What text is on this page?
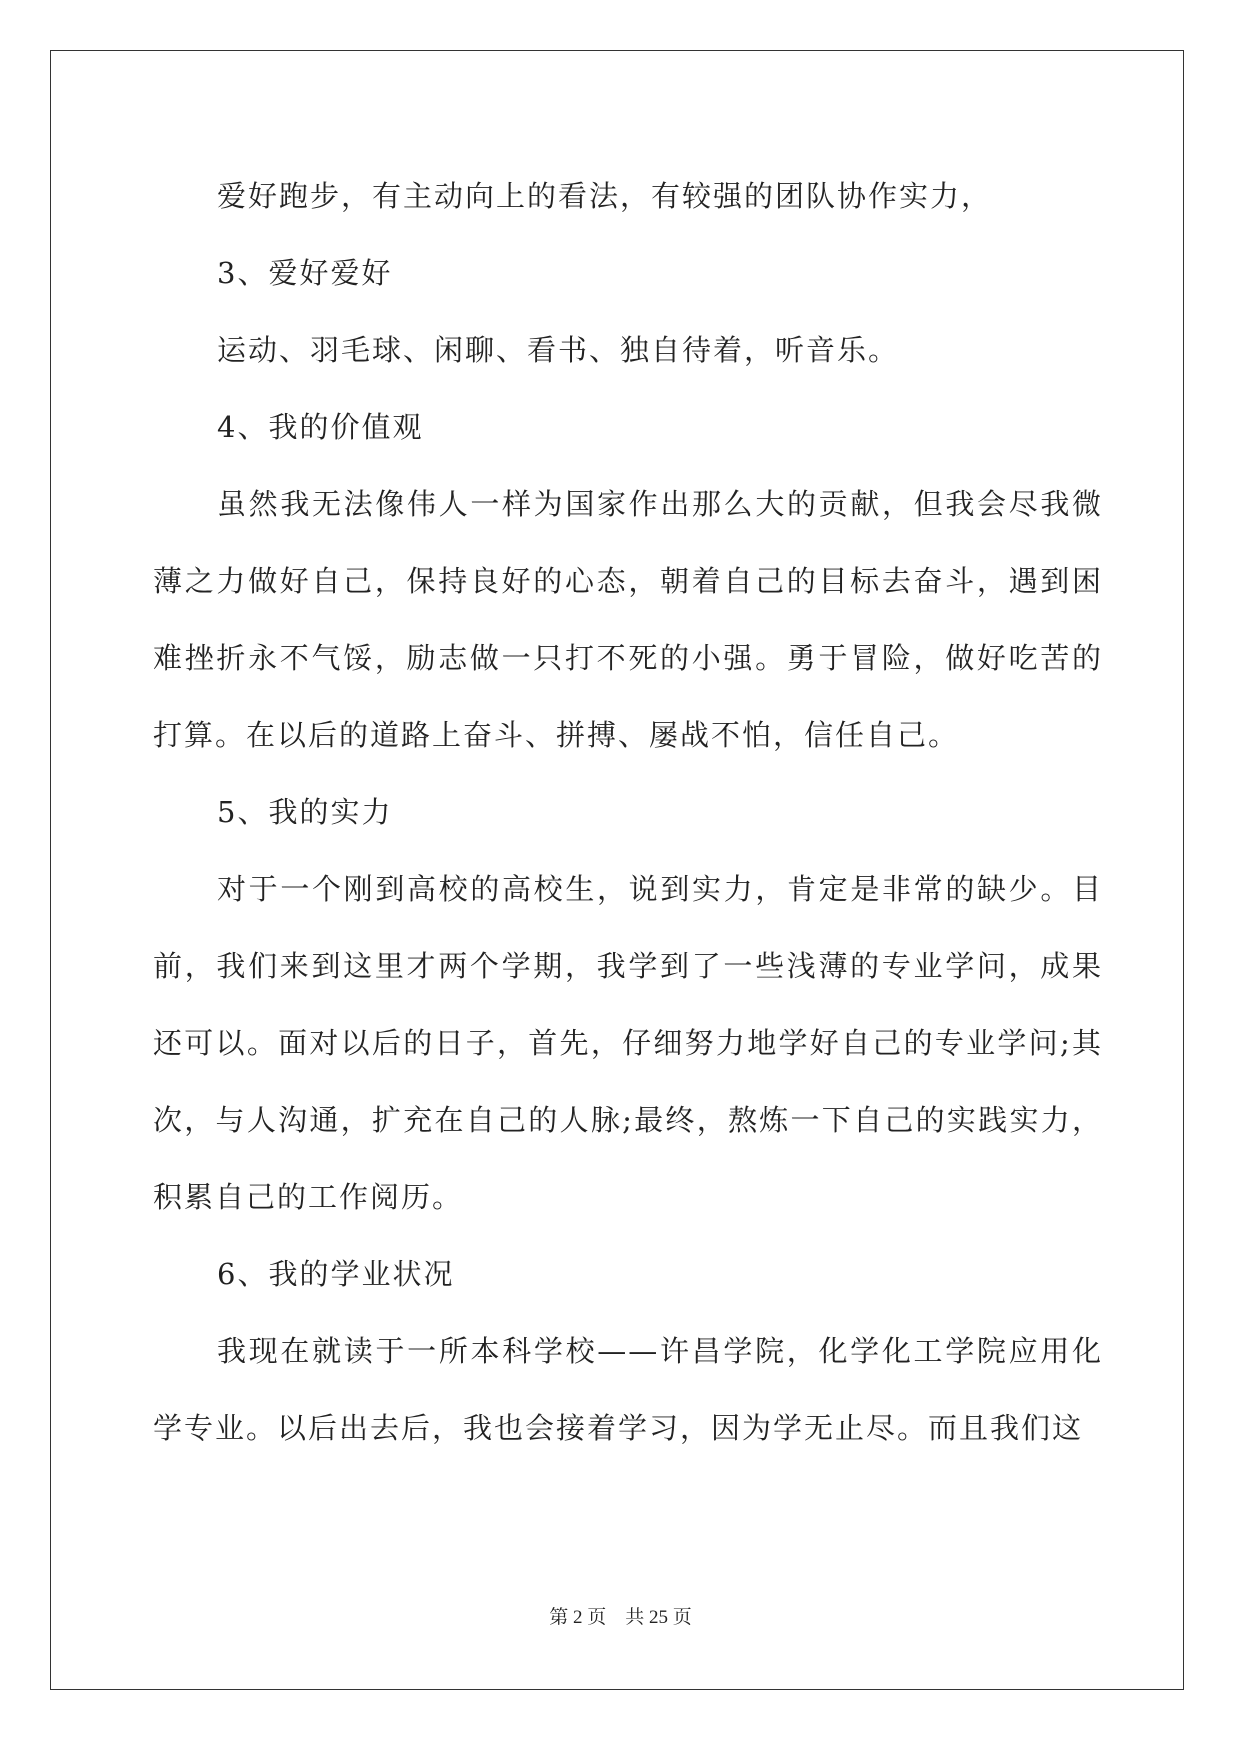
爱好跑步，有主动向上的看法，有较强的团队协作实力，

3、爱好爱好

运动、羽毛球、闲聊、看书、独自待着，听音乐。

4、我的价值观

虽然我无法像伟人一样为国家作出那么大的贡献，但我会尽我微薄之力做好自己，保持良好的心态，朝着自己的目标去奋斗，遇到困难挫折永不气馁，励志做一只打不死的小强。勇于冒险，做好吃苦的打算。在以后的道路上奋斗、拼搏、屡战不怕，信任自己。

5、我的实力

对于一个刚到高校的高校生，说到实力，肯定是非常的缺少。目前，我们来到这里才两个学期，我学到了一些浅薄的专业学问，成果还可以。面对以后的日子，首先，仔细努力地学好自己的专业学问;其次，与人沟通，扩充在自己的人脉;最终，熬炼一下自己的实践实力，积累自己的工作阅历。

6、我的学业状况

我现在就读于一所本科学校——许昌学院，化学化工学院应用化学专业。以后出去后，我也会接着学习，因为学无止尽。而且我们这

第 2 页    共 25 页
